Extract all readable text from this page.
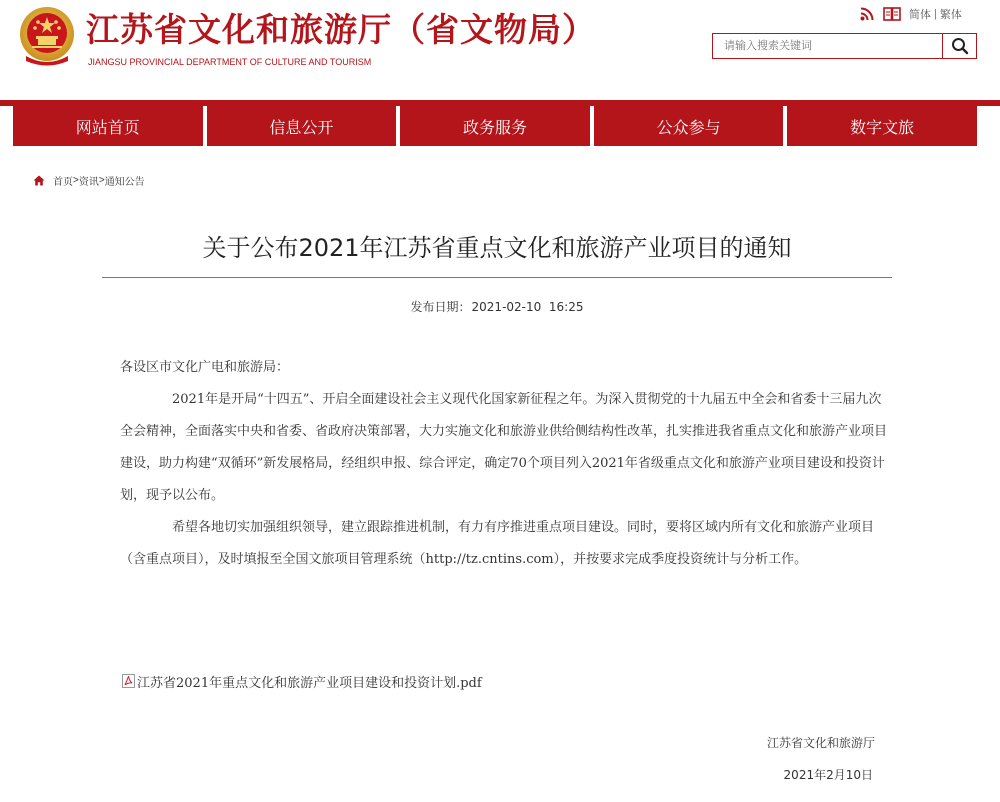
江苏省文化和旅游厅（省文物局）
JIANGSU PROVINCIAL DEPARTMENT OF CULTURE AND TOURISM
简体 | 繁体
请输入搜索关键词
网站首页	信息公开	政务服务	公众参与	数字文旅
首页 > 资讯 > 通知公告
关于公布2021年江苏省重点文化和旅游产业项目的通知
发布日期：2021-02-10  16:25

各设区市文化广电和旅游局：

2021年是开局“十四五”、开启全面建设社会主义现代化国家新征程之年。为深入贯彻党的十九届五中全会和省委十三届九次全会精神，全面落实中央和省委、省政府决策部署，大力实施文化和旅游业供给侧结构性改革，扎实推进我省重点文化和旅游产业项目建设，助力构建“双循环”新发展格局，经组织申报、综合评定，确定70个项目列入2021年省级重点文化和旅游产业项目建设和投资计划，现予以公布。

希望各地切实加强组织领导，建立跟踪推进机制，有力有序推进重点项目建设。同时，要将区域内所有文化和旅游产业项目（含重点项目），及时填报至全国文旅项目管理系统（http://tz.cntins.com），并按要求完成季度投资统计与分析工作。

江苏省2021年重点文化和旅游产业项目建设和投资计划.pdf
江苏省文化和旅游厅
2021年2月10日
